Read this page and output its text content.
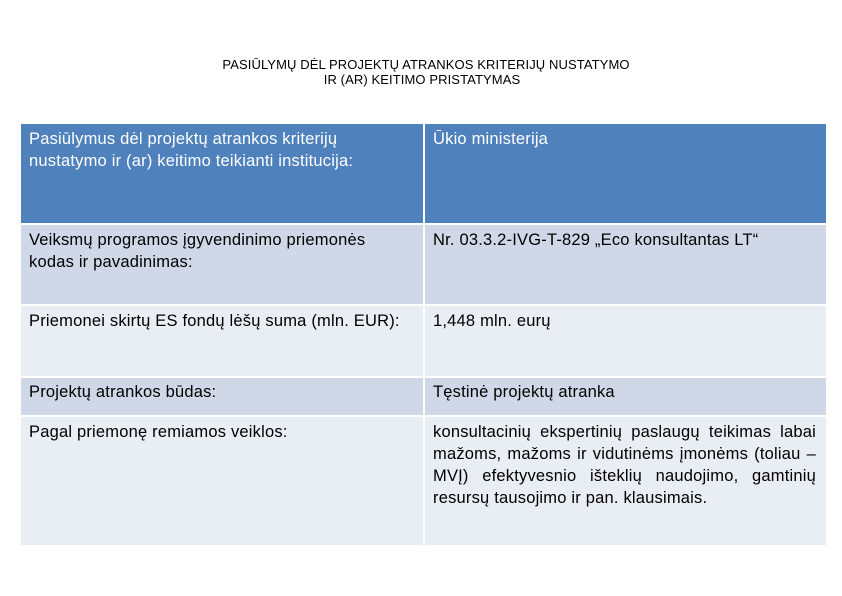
PASIŪLYMŲ DĖL PROJEKTŲ ATRANKOS KRITERIJŲ NUSTATYMO
IR (AR) KEITIMO PRISTATYMAS
Pasiūlymus dėl projektų atrankos kriterijų nustatymo ir (ar) keitimo teikianti institucija:	Ūkio ministerija
Veiksmų programos įgyvendinimo priemonės kodas ir pavadinimas:	Nr. 03.3.2-IVG-T-829 „Eco konsultantas LT“
Priemonei skirtų ES fondų lėšų suma (mln. EUR):	1,448 mln. eurų
Projektų atrankos būdas:	Tęstinė projektų atranka
Pagal priemonę remiamos veiklos:	konsultacinių ekspertinių paslaugų teikimas labai mažoms, mažoms ir vidutinėms įmonėms (toliau – MVĮ) efektyvesnio išteklių naudojimo, gamtinių resursų tausojimo ir pan. klausimais.
